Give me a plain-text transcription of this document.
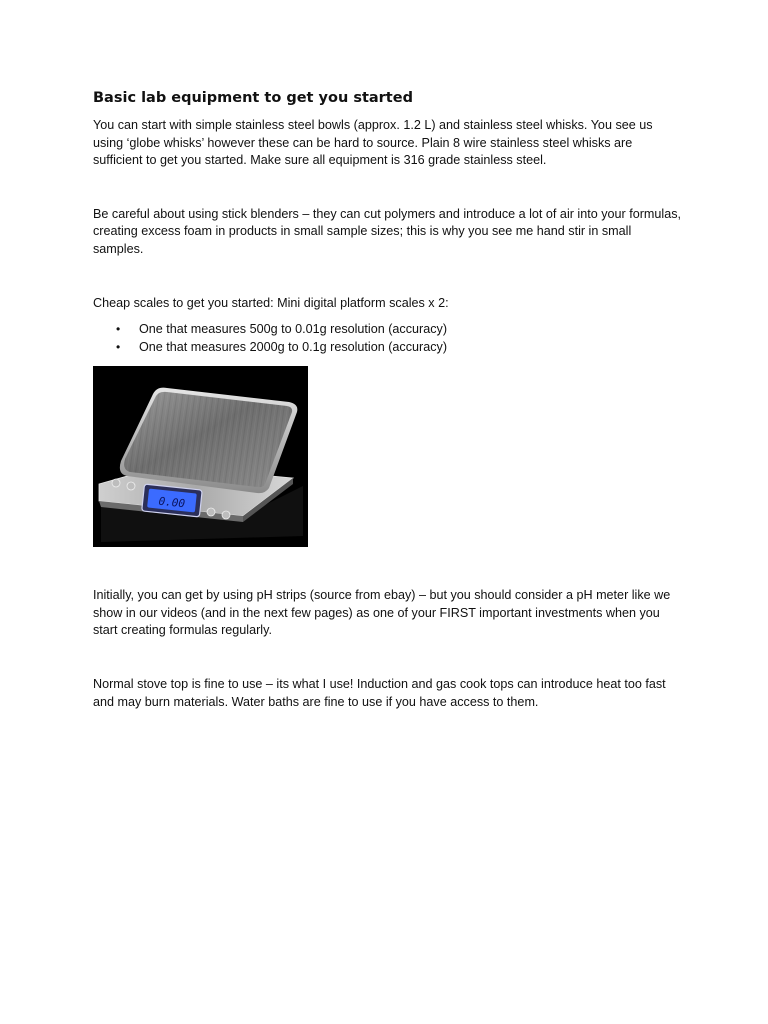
Basic lab equipment to get you started

You can start with simple stainless steel bowls (approx. 1.2 L) and stainless steel whisks. You see us using ‘globe whisks’ however these can be hard to source. Plain 8 wire stainless steel whisks are sufficient to get you started. Make sure all equipment is 316 grade stainless steel.

Be careful about using stick blenders – they can cut polymers and introduce a lot of air into your formulas, creating excess foam in products in small sample sizes; this is why you see me hand stir in small samples.

Cheap scales to get you started: Mini digital platform scales x 2:

• One that measures 500g to 0.01g resolution (accuracy)
• One that measures 2000g to 0.1g resolution (accuracy)
0.00

Initially, you can get by using pH strips (source from ebay) – but you should consider a pH meter like we show in our videos (and in the next few pages) as one of your FIRST important investments when you start creating formulas regularly.

Normal stove top is fine to use – its what I use! Induction and gas cook tops can introduce heat too fast and may burn materials. Water baths are fine to use if you have access to them.
